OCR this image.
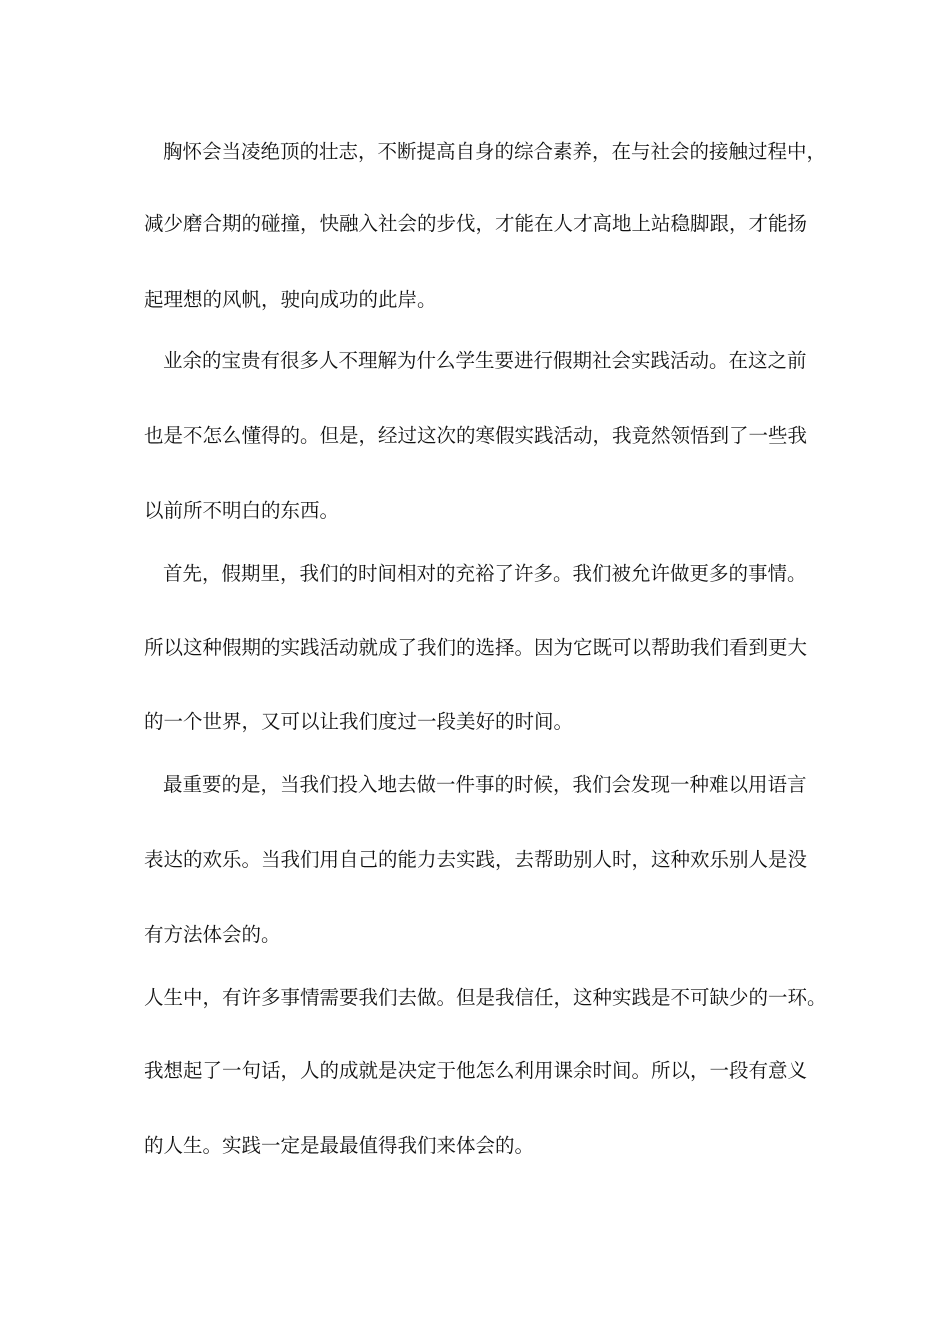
胸怀会当凌绝顶的壮志，不断提高自身的综合素养，在与社会的接触过程中，
减少磨合期的碰撞，快融入社会的步伐，才能在人才高地上站稳脚跟，才能扬
起理想的风帆，驶向成功的此岸。
业余的宝贵有很多人不理解为什么学生要进行假期社会实践活动。在这之前
也是不怎么懂得的。但是，经过这次的寒假实践活动，我竟然领悟到了一些我
以前所不明白的东西。
首先，假期里，我们的时间相对的充裕了许多。我们被允许做更多的事情。
所以这种假期的实践活动就成了我们的选择。因为它既可以帮助我们看到更大
的一个世界，又可以让我们度过一段美好的时间。
最重要的是，当我们投入地去做一件事的时候，我们会发现一种难以用语言
表达的欢乐。当我们用自己的能力去实践，去帮助别人时，这种欢乐别人是没
有方法体会的。
人生中，有许多事情需要我们去做。但是我信任，这种实践是不可缺少的一环。
我想起了一句话，人的成就是决定于他怎么利用课余时间。所以，一段有意义
的人生。实践一定是最最值得我们来体会的。
